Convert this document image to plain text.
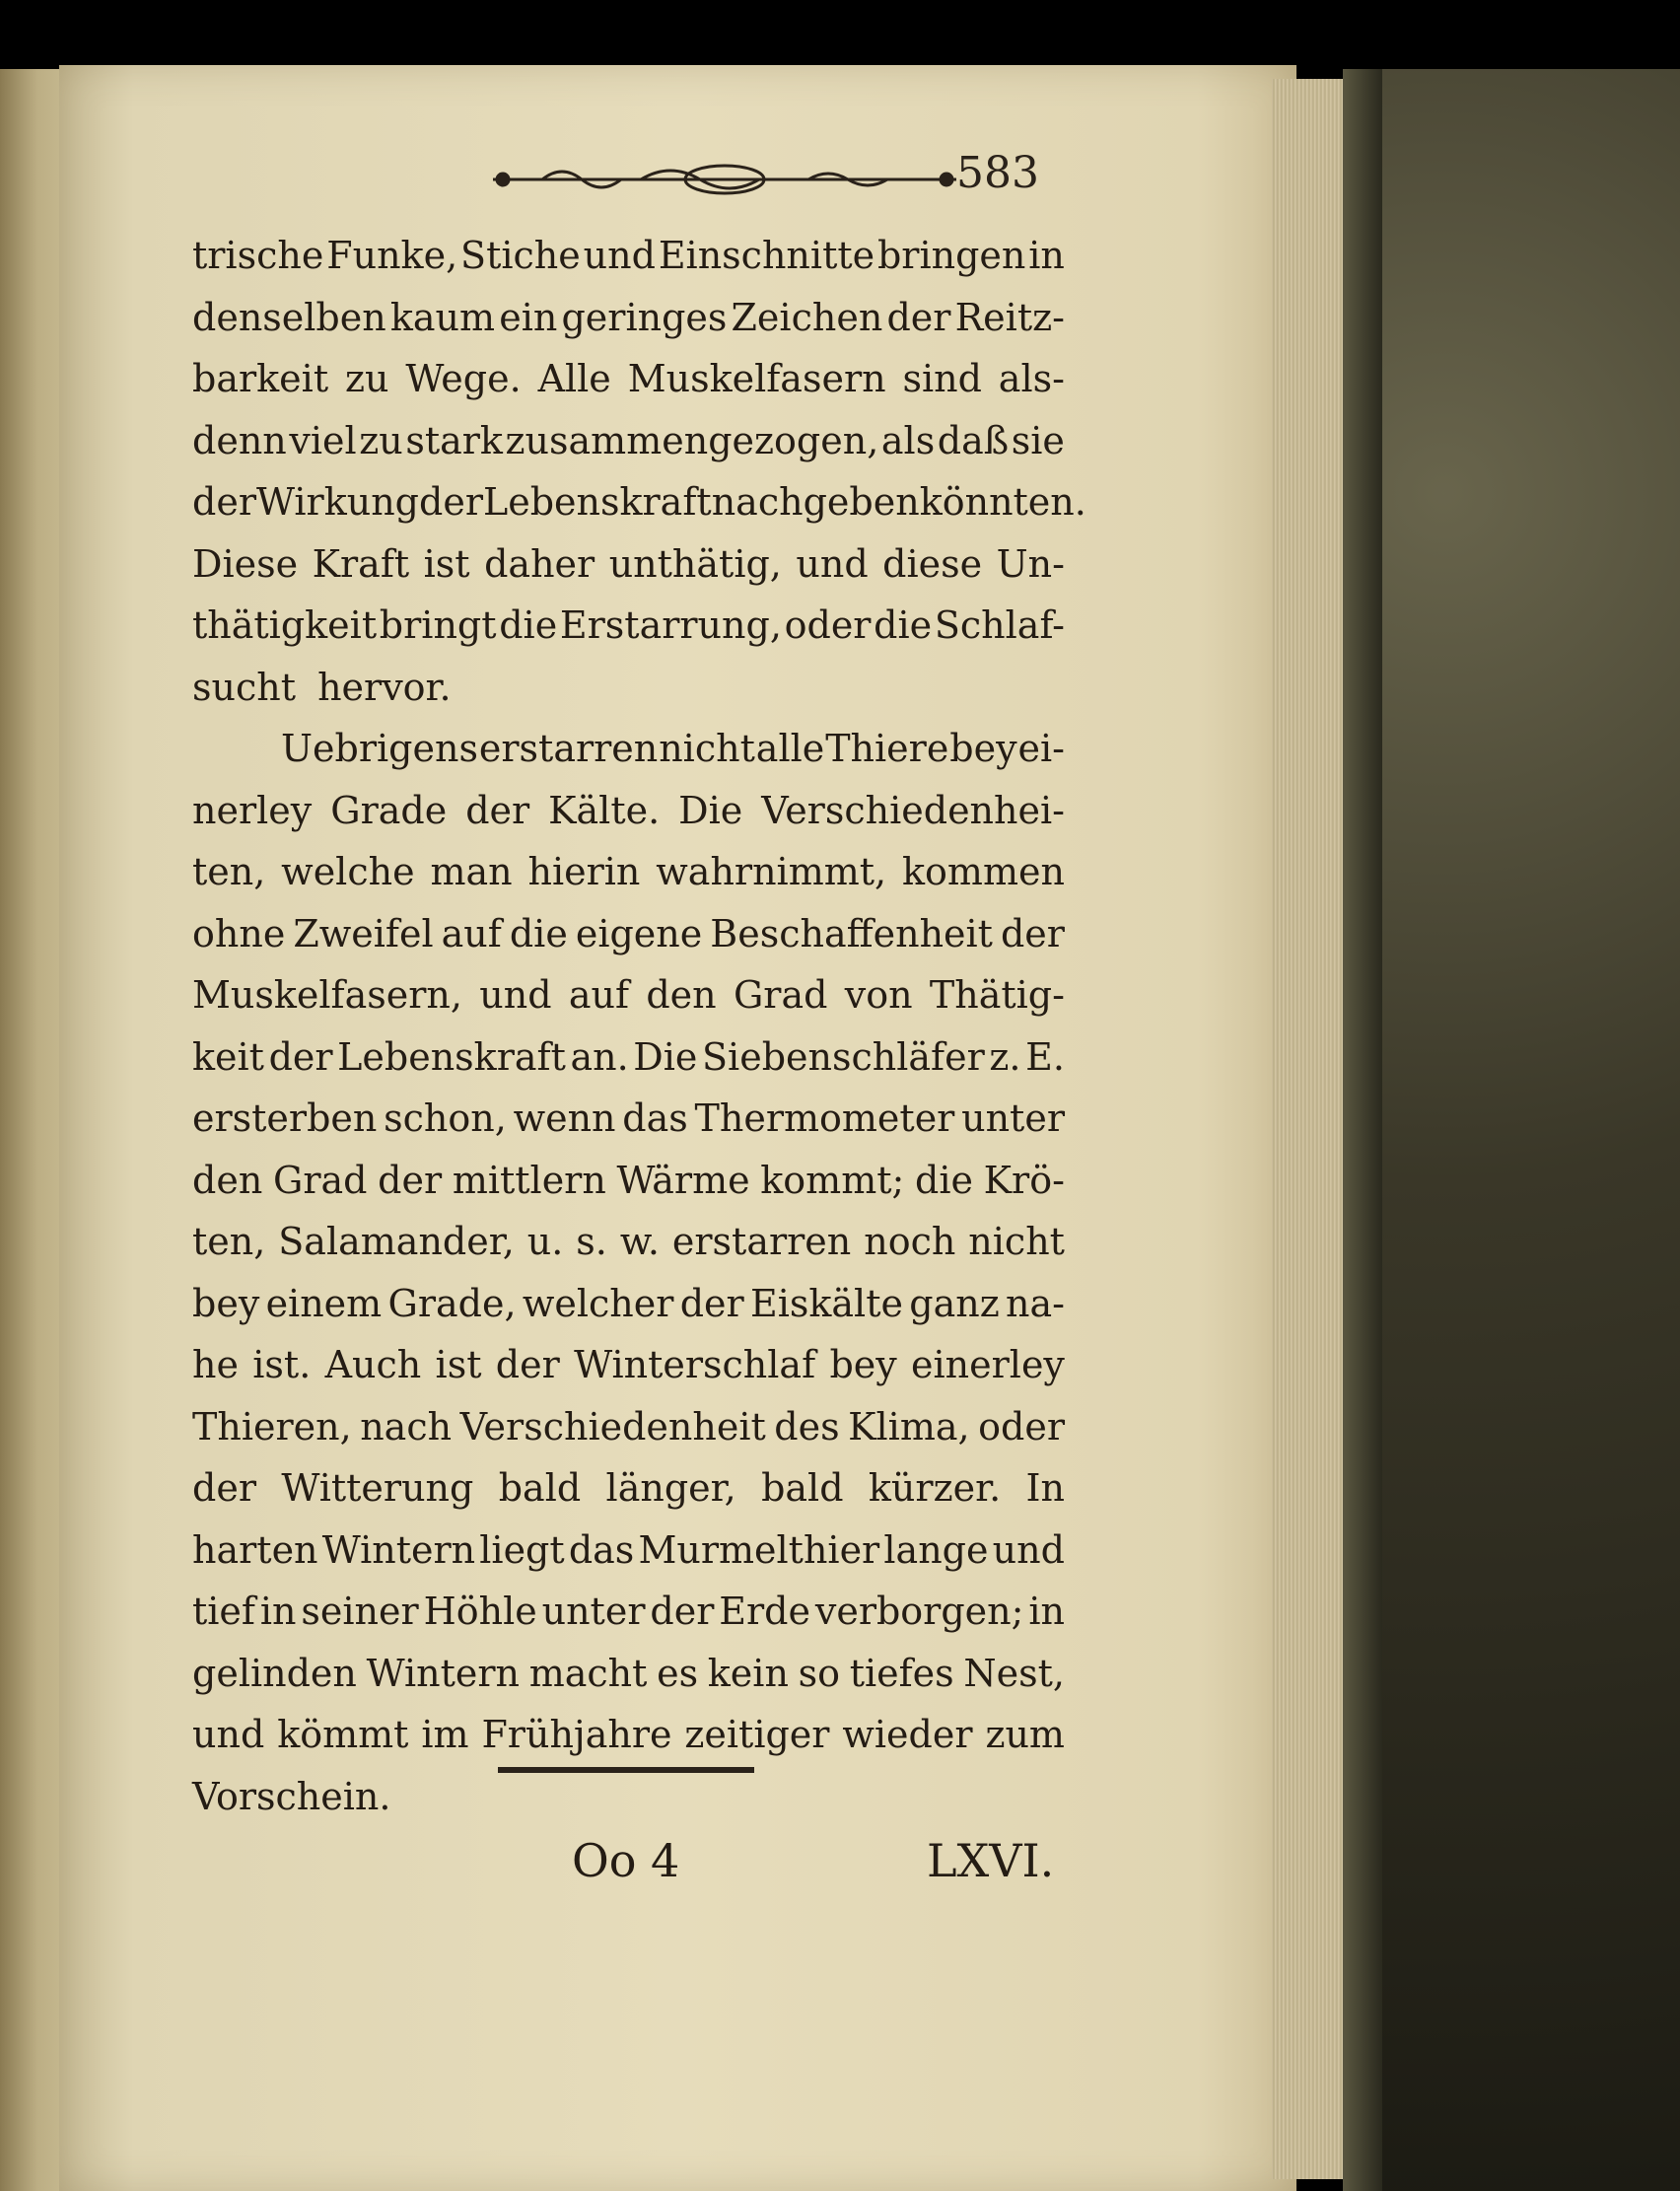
583
trische Funke, Stiche und Einschnitte bringen in
denselben kaum ein geringes Zeichen der Reitz-
barkeit zu Wege. Alle Muskelfasern sind als-
denn viel zu stark zusammengezogen, als daß sie
der Wirkung der Lebenskraft nachgeben könnten.
Diese Kraft ist daher unthätig, und diese Un-
thätigkeit bringt die Erstarrung, oder die Schlaf-
sucht hervor.
Uebrigens erstarren nicht alle Thiere bey ei-
nerley Grade der Kälte. Die Verschiedenhei-
ten, welche man hierin wahrnimmt, kommen
ohne Zweifel auf die eigene Beschaffenheit der
Muskelfasern, und auf den Grad von Thätig-
keit der Lebenskraft an. Die Siebenschläfer z. E.
ersterben schon, wenn das Thermometer unter
den Grad der mittlern Wärme kommt; die Krö-
ten, Salamander, u. s. w. erstarren noch nicht
bey einem Grade, welcher der Eiskälte ganz na-
he ist. Auch ist der Winterschlaf bey einerley
Thieren, nach Verschiedenheit des Klima, oder
der Witterung bald länger, bald kürzer. In
harten Wintern liegt das Murmelthier lange und
tief in seiner Höhle unter der Erde verborgen; in
gelinden Wintern macht es kein so tiefes Nest,
und kömmt im Frühjahre zeitiger wieder zum
Vorschein.
Oo 4	LXVI.
